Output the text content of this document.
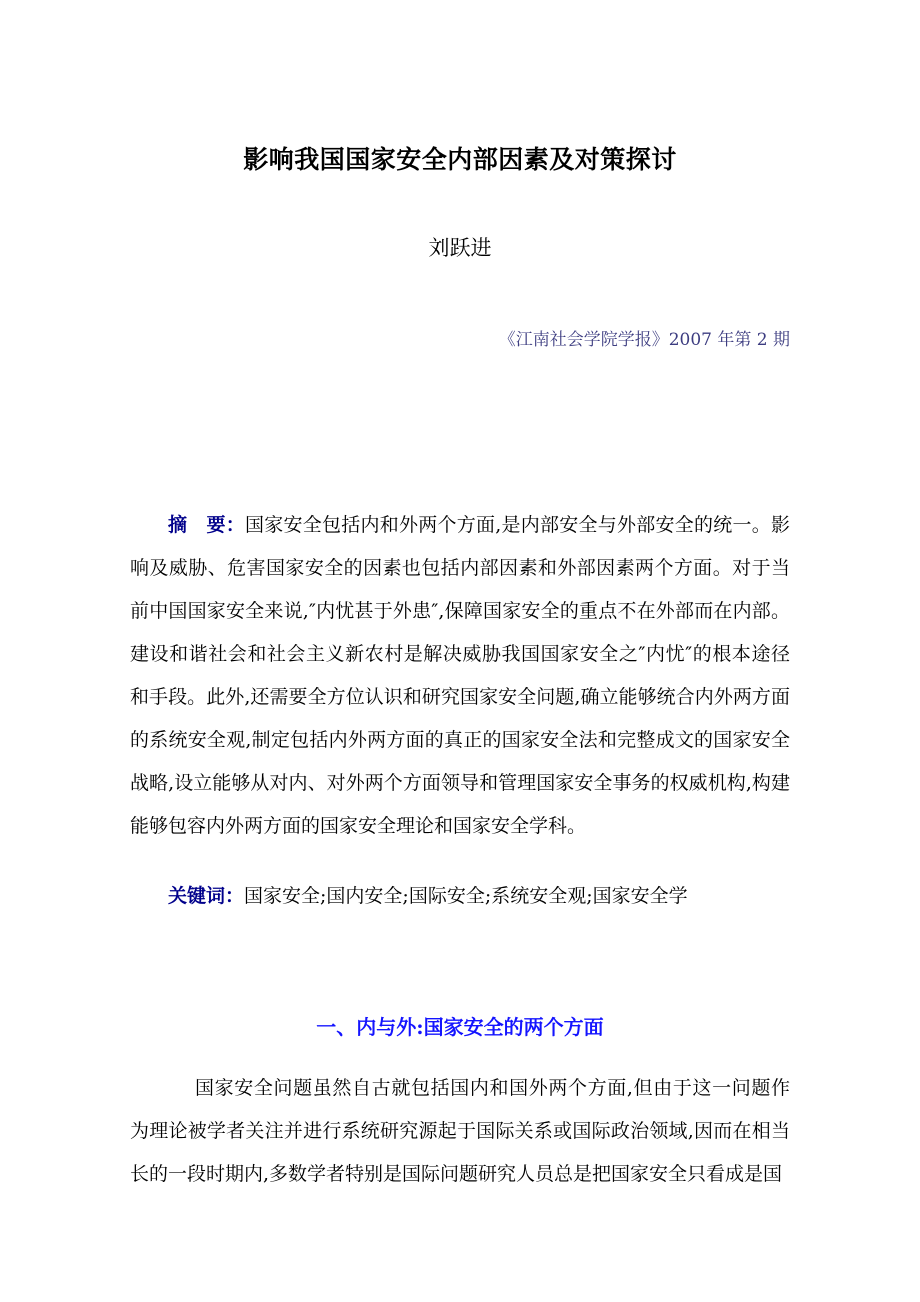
影响我国国家安全内部因素及对策探讨
刘跃进
《江南社会学院学报》2007 年第 2 期

摘　要：国家安全包括内和外两个方面,是内部安全与外部安全的统一。影响及威胁、危害国家安全的因素也包括内部因素和外部因素两个方面。对于当前中国国家安全来说,″内忧甚于外患″,保障国家安全的重点不在外部而在内部。建设和谐社会和社会主义新农村是解决威胁我国国家安全之″内忧″的根本途径和手段。此外,还需要全方位认识和研究国家安全问题,确立能够统合内外两方面的系统安全观,制定包括内外两方面的真正的国家安全法和完整成文的国家安全战略,设立能够从对内、对外两个方面领导和管理国家安全事务的权威机构,构建能够包容内外两方面的国家安全理论和国家安全学科。

关键词：国家安全;国内安全;国际安全;系统安全观;国家安全学

一、内与外:国家安全的两个方面

国家安全问题虽然自古就包括国内和国外两个方面,但由于这一问题作为理论被学者关注并进行系统研究源起于国际关系或国际政治领域,因而在相当长的一段时期内,多数学者特别是国际问题研究人员总是把国家安全只看成是国
